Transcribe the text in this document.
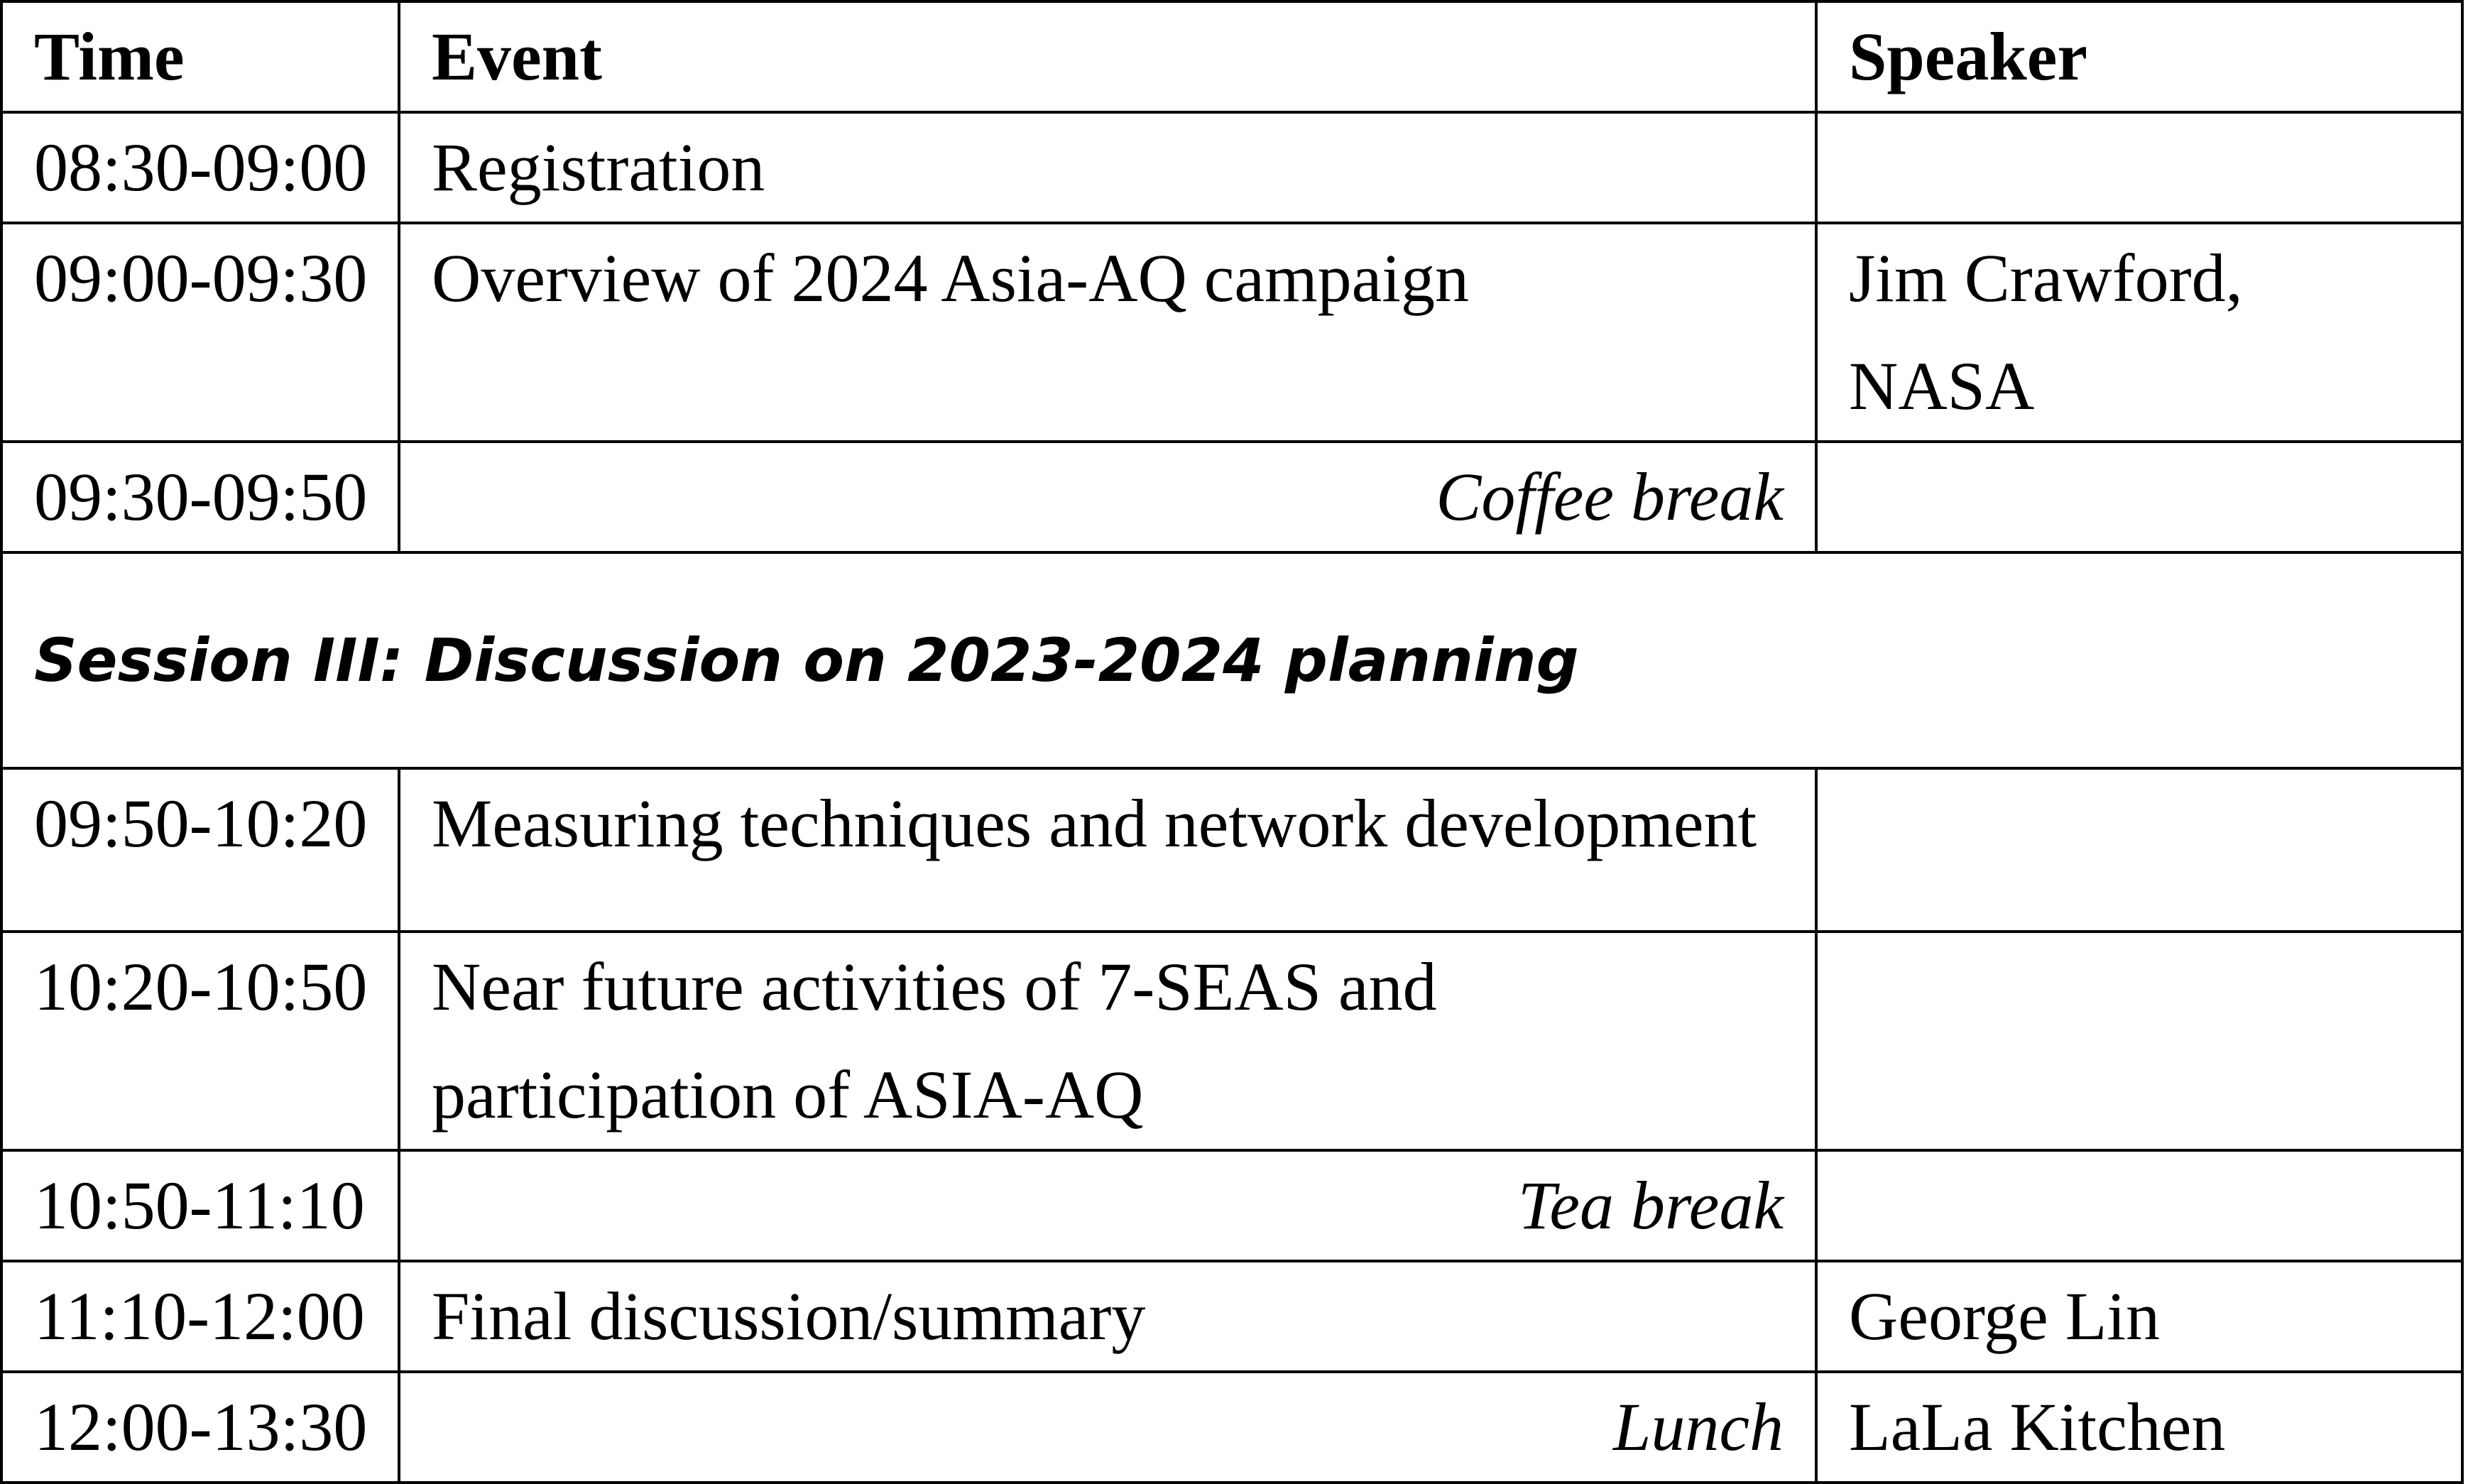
Time	Event	Speaker
08:30-09:00	Registration	
09:00-09:30	Overview of 2024 Asia-AQ campaign	Jim Crawford,
NASA

09:30-09:50	Coffee break	
Session III: Discussion on 2023-2024 planning		
09:50-10:20	Measuring techniques and network development	
10:20-10:50	Near future activities of 7-SEAS and
participation of ASIA-AQ	

10:50-11:10	Tea break	
11:10-12:00	Final discussion/summary	George Lin
12:00-13:30	Lunch	LaLa Kitchen
